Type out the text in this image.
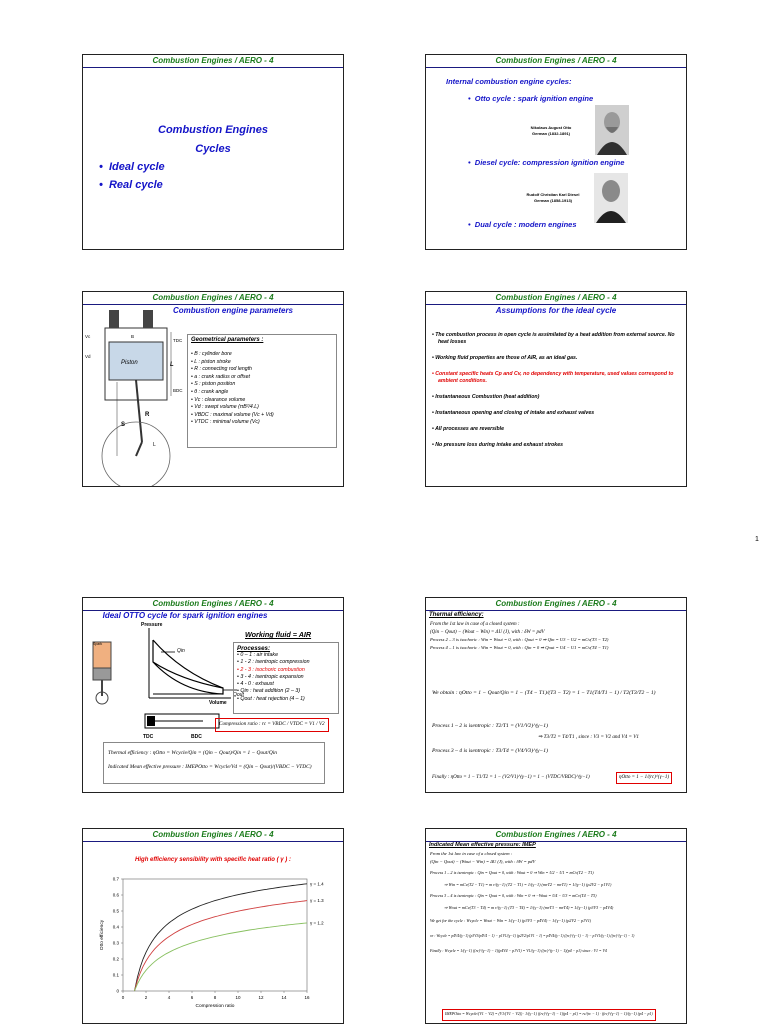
Combustion Engines / AERO - 4
Combustion Engines
Cycles
•  Ideal cycle
•  Real cycle
Combustion Engines / AERO - 4
Internal combustion engine cycles:
•  Otto cycle : spark ignition engine
Nikolaus August Otto
German (1832-1891)
•  Diesel cycle: compression ignition engine
Rudolf Christian Karl Diesel
German (1858-1913)
•  Dual cycle : modern engines
Combustion Engines / AERO - 4
Combustion engine parameters
Vc
Vd
B
TDC
L
Piston
BDC
S
R
L
Geometrical parameters :
• B : cylinder bore
• L : piston stroke
• R : connecting rod length
• a : crank radius or offset
• S : piston position
• θ : crank angle
• Vc : clearance volume
• Vd : swept volume (πB²/4.L)
• VBDC : maximal volume (Vc + Vd)
• VTDC : minimal volume (Vc)
Combustion Engines / AERO - 4
Assumptions for the ideal cycle
• The combustion process in open cycle is assimilated by a heat addition from external source. No heat losses
• Working fluid properties are those of AIR, as an ideal gas.
• Constant specific heats Cp and Cv, no dependency with temperature, used values correspond to ambient conditions.
• Instantaneous Combustion (heat addition)
• Instantaneous opening and closing of intake and exhaust valves
• All processes are reversible
• No pressure loss during intake and exhaust strokes
1
Combustion Engines / AERO - 4
Ideal OTTO cycle for spark ignition engines
Spark
Pressure
Volume
Qin
Qout
TDC	BDC
Working fluid = AIR
Processes:
• 0 – 1 : air intake
• 1 - 2 : isentropic compression
• 2 - 3 : isochoric combustion
• 3 - 4 : isentropic expansion
• 4 - 0 : exhaust
• Qin : heat addition (2 – 3)
• Qout : heat rejection (4 – 1)
Compression ratio : rc = VBDC / VTDC = V1 / V2
Thermal efficiency : ηOtto = Wcycle/Qin = (Qin − Qout)/Qin = 1 − Qout/Qin
Indicated Mean effective pressure : IMEPOtto = Wcycle/Vd = (Qin − Qout)/(VBDC − VTDC)
Combustion Engines / AERO - 4
Thermal efficiency:
From the 1st law in case of a closed system :
(Qin − Qout) − (Wout − Win) = ΔU (J), with : δW = pdV
Process 2 – 3 is isochoric : Win = Wout = 0, with : Qout = 0 ⇒ Qin = U3 − U2 = mCv(T3 − T2)
Process 4 – 1 is isochoric : Win = Wout = 0, with : Qin = 0 ⇒ Qout = U4 − U1 = mCv(T4 − T1)
We obtain : ηOtto = 1 − Qout/Qin = 1 − (T4 − T1)/(T3 − T2) = 1 − T1(T4/T1 − 1) / T2(T3/T2 − 1)
Process 1 – 2 is isentropic : T2/T1 = (V1/V2)^(γ−1)
⇒ T3/T2 = T4/T1 , since : V3 = V2 and V4 = V1
Process 3 – 4 is isentropic : T3/T4 = (V4/V3)^(γ−1)
Finally : ηOtto = 1 − T1/T2 = 1 − (V2/V1)^(γ−1) = 1 − (VTDC/VBDC)^(γ−1)	ηOtto = 1 − 1/(rc)^(γ−1)
Combustion Engines / AERO - 4
High efficiency sensibility with specific heat ratio ( γ ) :
0	2	4	6	8	10	12	14	16
0
0.1
0.2
0.3
0.4
0.5
0.6
0.7
Compression ratio
Otto efficiency
γ = 1.4
γ = 1.3
γ = 1.2
Combustion Engines / AERO - 4
Indicated Mean effective pressure: IMEP
From the 1st law in case of a closed system :
(Qin − Qout) − (Wout − Win) = ΔU (J), with : δW = pdV
Process 1 – 2 is isentropic : Qin = Qout = 0, with : Wout = 0 ⇒ Win = U2 − U1 = mCv(T2 − T1)
⇒ Win = mCv(T2 − T1) = m r/(γ−1) (T2 − T1) = 1/(γ−1) (mrT2 − mrT1) = 1/(γ−1) (p2V2 − p1V1)
Process 3 – 4 is isentropic : Qin = Qout = 0, with : Win = 0 ⇒ −Wout = U4 − U3 = mCv(T4 − T3)
⇒ Wout = mCv(T3 − T4) = m r/(γ−1) (T3 − T4) = 1/(γ−1) (mrT3 − mrT4) = 1/(γ−1) (p3V3 − p4V4)
We get for the cycle : Wcycle = Wout − Win = 1/(γ−1) (p3V3 − p4V4) − 1/(γ−1) (p2V2 − p1V1)
or : Wcycle = p4V4/(γ−1) (p3V3/p4V4 − 1) − p1V1/(γ−1) (p2V2/p1V1 − 1) = p4V4/(γ−1) ((rc)^(γ−1) − 1) − p1V1/(γ−1) ((rc)^(γ−1) − 1)
Finally : Wcycle = 1/(γ−1) ((rc)^(γ−1) − 1)(p4V4 − p1V1) = V1/(γ−1) ((rc)^(γ−1) − 1)(p4 − p1) since : V1 = V4
IMEPOtto = Wcycle/(V1 − V2) = (V1/(V1 − V2)) · 1/(γ−1) ((rc)^(γ−1) − 1)(p4 − p1) = rc/(rc − 1) · ((rc)^(γ−1) − 1)/(γ−1) (p4 − p1)
